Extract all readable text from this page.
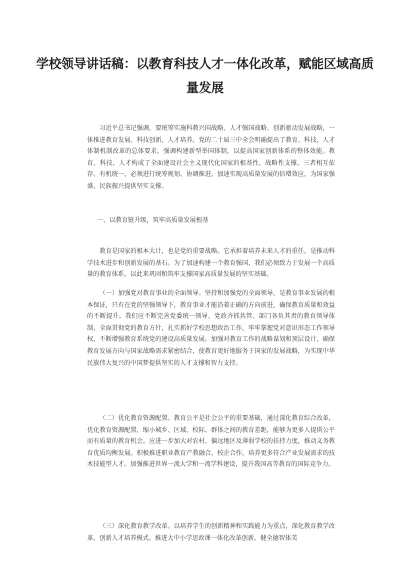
学校领导讲话稿：以教育科技人才一体化改革，赋能区域高质
量发展

习近平总书记强调，要统筹实施科教兴国战略、人才强国战略、创新驱动发展战略，一体推进教育发展、科技创新、人才培养。党的二十届三中全会明确提出了教育、科技、人才体制机制改革的总体要求，强调构建新型举国体制，以提高国家创新体系的整体效能。教育、科技、人才构成了全面建设社会主义现代化国家的根基性、战略性支撑，三者相互依存、有机统一，必须进行统筹规划、协调推进，加速实现高质量发展的倍增效应，为国家强盛、民族振兴提供坚实支撑。

一、以教育链升级，筑牢高质量发展根基

教育是国家的根本大计，也是党的重要战略。它承担着培养未来人才的重任，是推动科学技术进步和创新发展的基石。为了加速构建一个教育强国，我们必须致力于发展一个高质量的教育体系，以此来巩固和筑牢支撑国家高质量发展的坚实基础。

（一）加强党对教育事业的全面领导。坚持和加强党的全面领导，是教育事业发展的根本保证，只有在党的坚强领导下，教育事业才能沿着正确的方向前进，确保教育质量和效益的不断提升。我们应不断完善党委统一领导、党政齐抓共管、部门各负其责的教育领导体制，全面贯彻党的教育方针，扎实抓好学校思想政治工作，牢牢掌握党对意识形态工作领导权，不断增强教育系统党的建设高质量发展。加强对教育工作的战略谋划和顶层设计，确保教育发展方向与国家战略需求紧密结合，使教育更好地服务于国家的发展战略，为实现中华民族伟大复兴的中国梦提供坚实的人才支撑和智力支持。

（二）优化教育资源配置。教育公平是社会公平的重要基础，通过深化教育综合改革，优化教育资源配置，缩小城乡、区域、校际、群体之间的教育差距，能够为更多人提供公平而有质量的教育机会。应进一步加大对农村、偏远地区及薄弱学校的扶持力度，推动义务教育优质均衡发展。积极推进职业教育产教融合、校企合作，培养更多符合产业发展需求的技术技能型人才。加强推进世界一流大学和一流学科建设，提升我国高等教育的国际竞争力。

（三）深化教育教学改革。以培养学生的创新精神和实践能力为重点，深化教育教学改革，创新人才培养模式。推进大中小学思政课一体化改革创新，健全德智体美
